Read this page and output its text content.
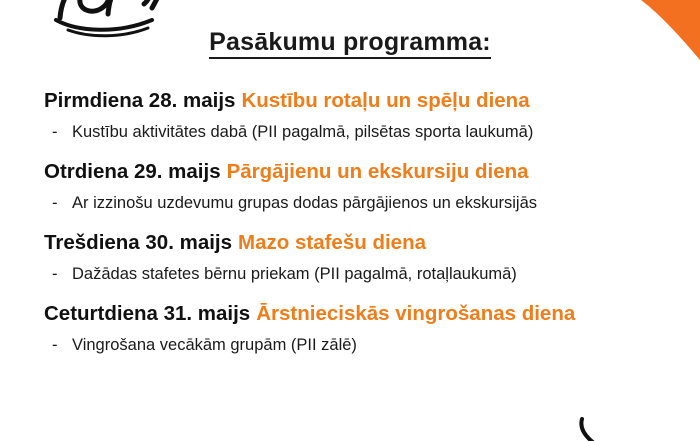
Pasākumu programma:
Pirmdiena 28. maijs Kustību rotaļu un spēļu diena
- Kustību aktivitātes dabā (PII pagalmā, pilsētas sporta laukumā)
Otrdiena 29. maijs Pārgājienu un ekskursiju diena
- Ar izzinošu uzdevumu grupas dodas pārgājienos un ekskursijās
Trešdiena 30. maijs Mazo stafešu diena
- Dažādas stafetes bērnu priekam (PII pagalmā, rotaļlaukumā)
Ceturtdiena 31. maijs Ārstnieciskās vingrošanas diena
- Vingrošana vecākām grupām (PII zālē)
